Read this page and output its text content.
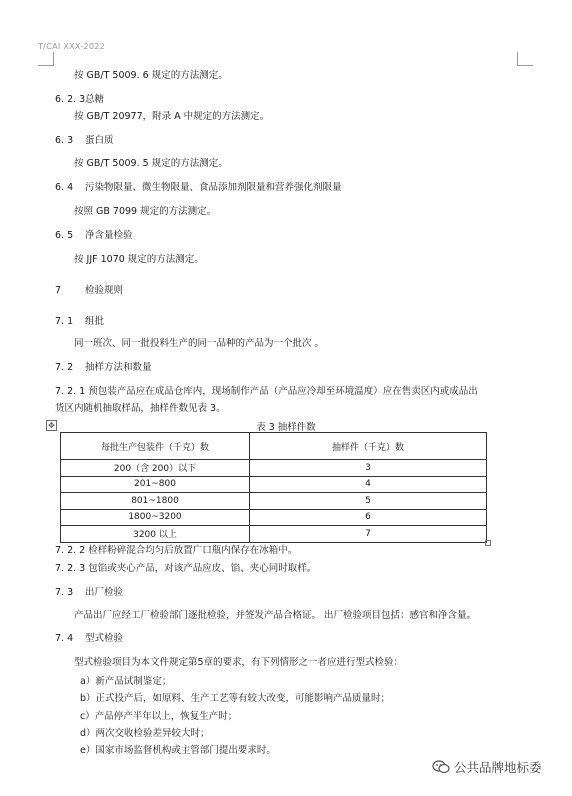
T/CAI XXX-2022
按 GB/T 5009. 6 规定的方法测定。
6. 2. 3总糖
按 GB/T 20977，附录 A 中规定的方法测定。
6. 3 蛋白质
按 GB/T 5009. 5 规定的方法测定。
6. 4 污染物限量、微生物限量、食品添加剂限量和营养强化剂限量
按照 GB 7099 规定的方法测定。
6. 5 净含量检验
按 JJF 1070 规定的方法测定。
7	检验规则
7. 1 组批
同一班次、同一批投料生产的同一品种的产品为一个批次 。
7. 2 抽样方法和数量
7. 2. 1 预包装产品应在成品仓库内，现场制作产品（产品应冷却至环境温度）应在售卖区内或成品出
货区内随机抽取样品，抽样件数见表 3。
7. 2. 2 检样粉碎混合均匀后放置广口瓶内保存在冰箱中。
7. 2. 3 包馅或夹心产品，对该产品应皮、馅、夹心同时取样。
7. 3 出厂检验
产品出厂应经工厂检验部门逐批检验，并签发产品合格证。 出厂检验项目包括：感官和净含量。
7. 4 型式检验
型式检验项目为本文件规定第5章的要求，有下列情形之一者应进行型式检验：
a）新产品试制鉴定；
b）正式投产后，如原料、生产工艺等有较大改变，可能影响产品质量时；
c）产品停产半年以上，恢复生产时；
d）两次交收检验差异较大时；
e）国家市场监督机构或主管部门提出要求时。
✥	表 3 抽样件数
每批生产包装件（千克）数	抽样件（千克）数
200（含 200）以下	3
201~800	4
801~1800	5
1800~3200	6
3200 以上	7
公共品牌地标委
